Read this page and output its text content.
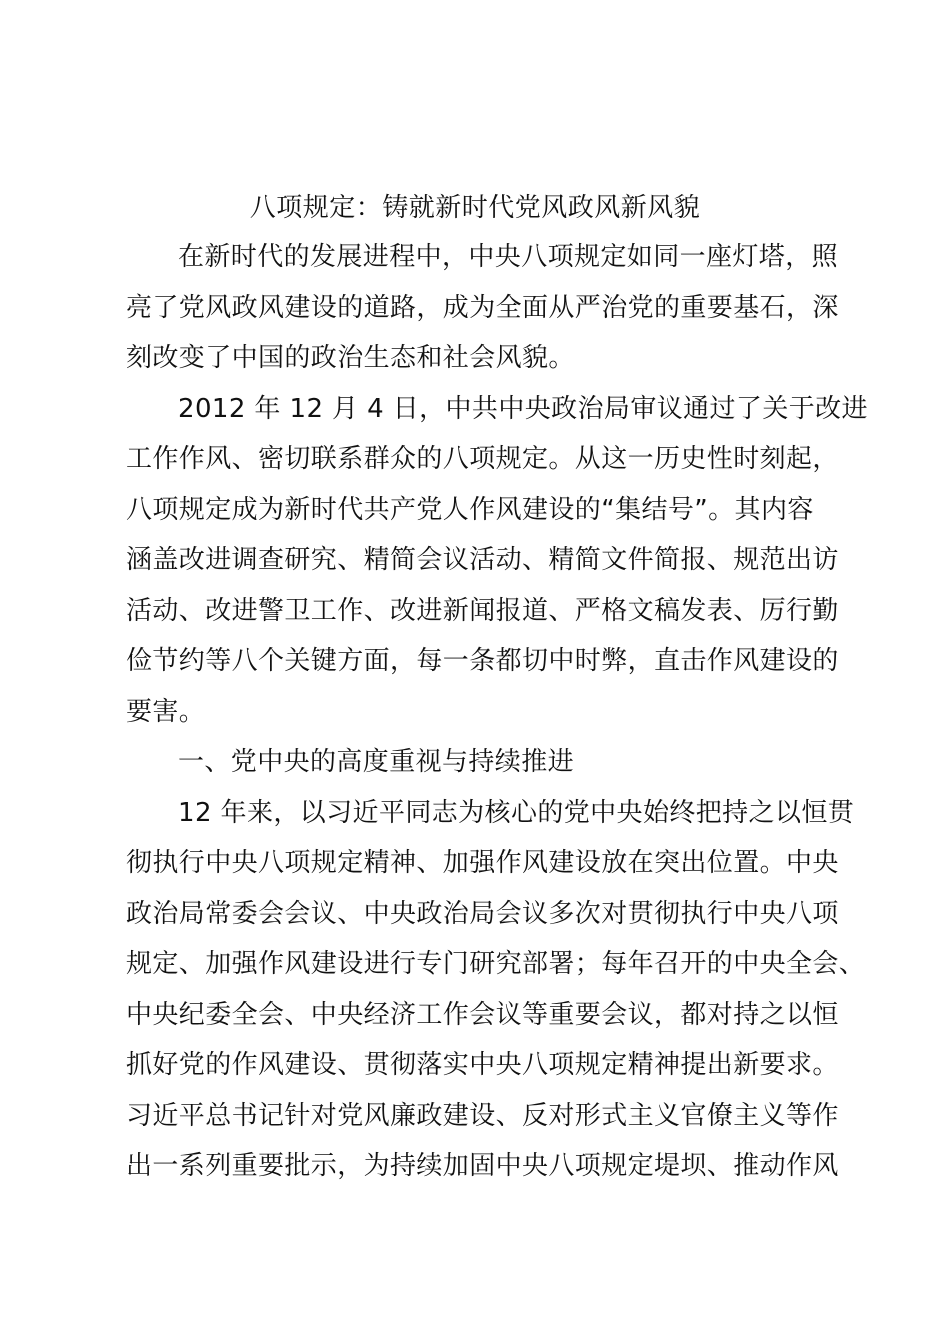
八项规定：铸就新时代党风政风新风貌
在新时代的发展进程中，中央八项规定如同一座灯塔，照
亮了党风政风建设的道路，成为全面从严治党的重要基石，深
刻改变了中国的政治生态和社会风貌。
2012 年 12 月 4 日，中共中央政治局审议通过了关于改进
工作作风、密切联系群众的八项规定。从这一历史性时刻起，
八项规定成为新时代共产党人作风建设的“集结号”。其内容
涵盖改进调查研究、精简会议活动、精简文件简报、规范出访
活动、改进警卫工作、改进新闻报道、严格文稿发表、厉行勤
俭节约等八个关键方面，每一条都切中时弊，直击作风建设的
要害。
一、党中央的高度重视与持续推进
12 年来，以习近平同志为核心的党中央始终把持之以恒贯
彻执行中央八项规定精神、加强作风建设放在突出位置。中央
政治局常委会会议、中央政治局会议多次对贯彻执行中央八项
规定、加强作风建设进行专门研究部署；每年召开的中央全会、
中央纪委全会、中央经济工作会议等重要会议，都对持之以恒
抓好党的作风建设、贯彻落实中央八项规定精神提出新要求。
习近平总书记针对党风廉政建设、反对形式主义官僚主义等作
出一系列重要批示，为持续加固中央八项规定堤坝、推动作风
